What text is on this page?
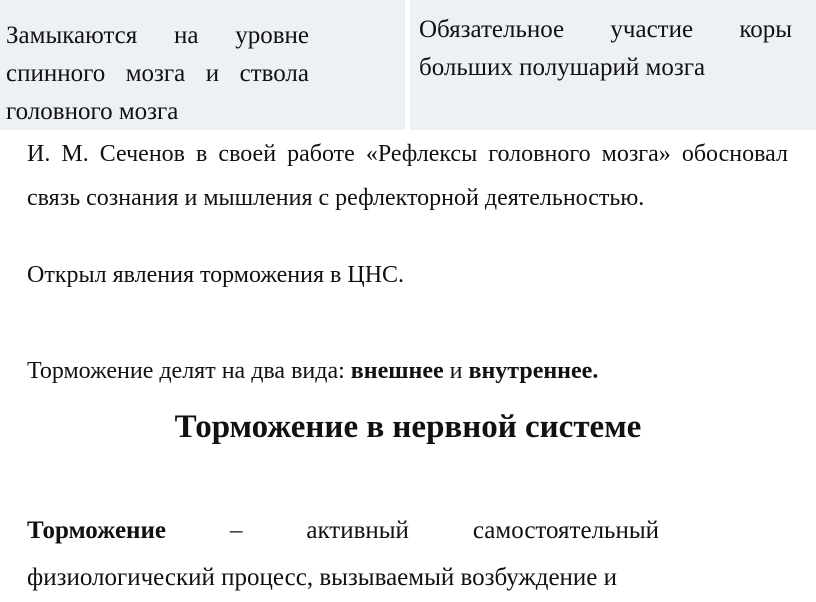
Замыкаются на уровне спинного мозга и ствола головного мозга
Обязательное участие коры больших полушарий мозга
И. М. Сеченов в своей работе «Рефлексы головного мозга» обосновал связь сознания и мышления с рефлекторной деятельностью.
Открыл явления торможения в ЦНС.
Торможение делят на два вида: внешнее и внутреннее.
Торможение в нервной системе
Торможение – активный самостоятельный
физиологический процесс, вызываемый возбуждение и
